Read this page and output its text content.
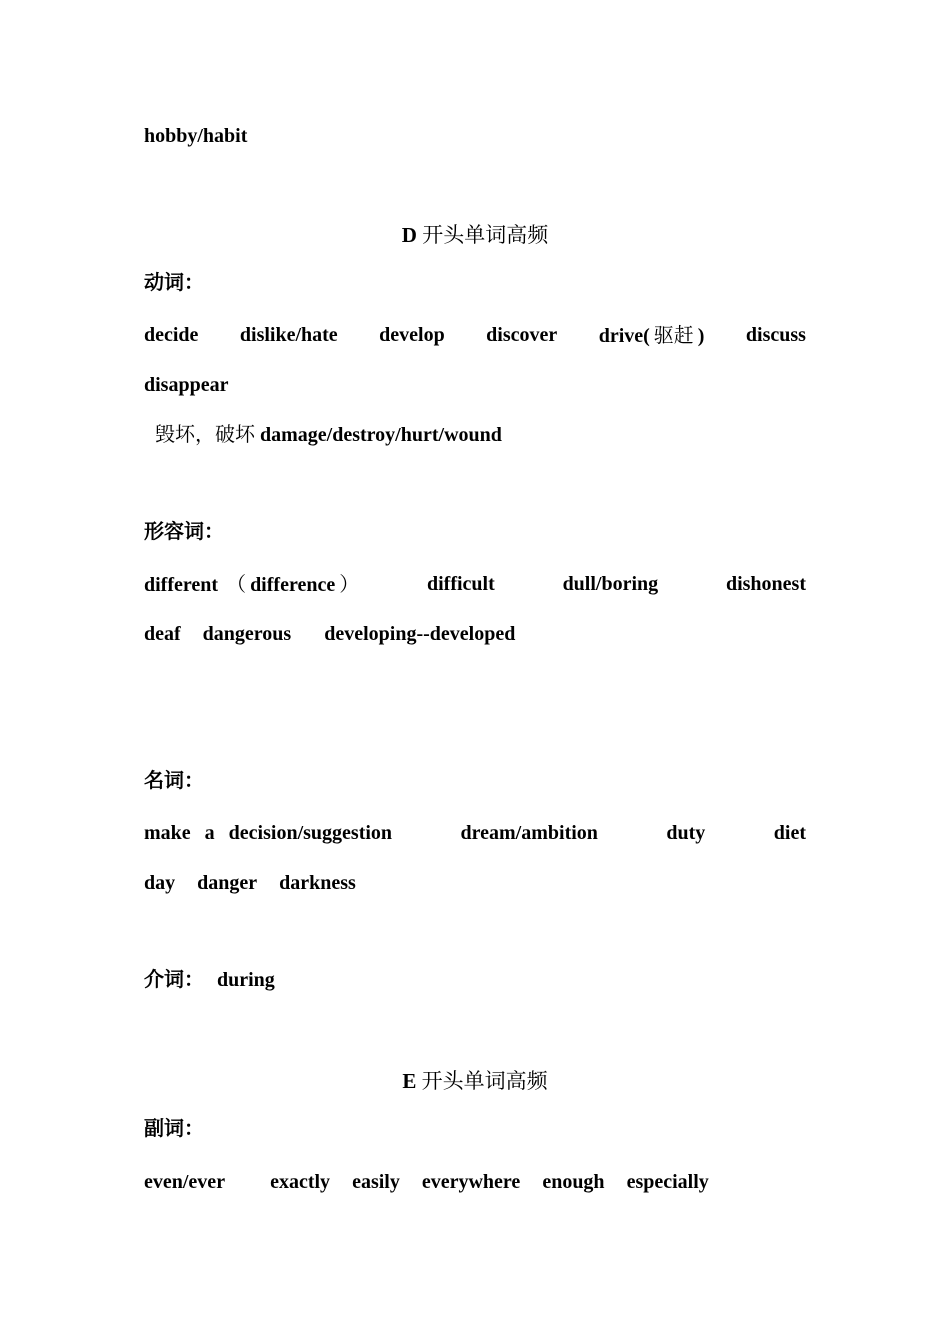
hobby/habit
D 开头单词高频
动词：
decide dislike/hate develop discover drive( 驱赶 ) discuss
disappear
毁坏，破坏 damage/destroy/hurt/wound
形容词：
different （ difference ）	difficult	dull/boring	dishonest
deaf dangerous developing--developed
名词：
make a decision/suggestion	dream/ambition	duty	diet
day danger darkness
介词： during
E 开头单词高频
副词：
even/ever exactly easily everywhere enough especially
